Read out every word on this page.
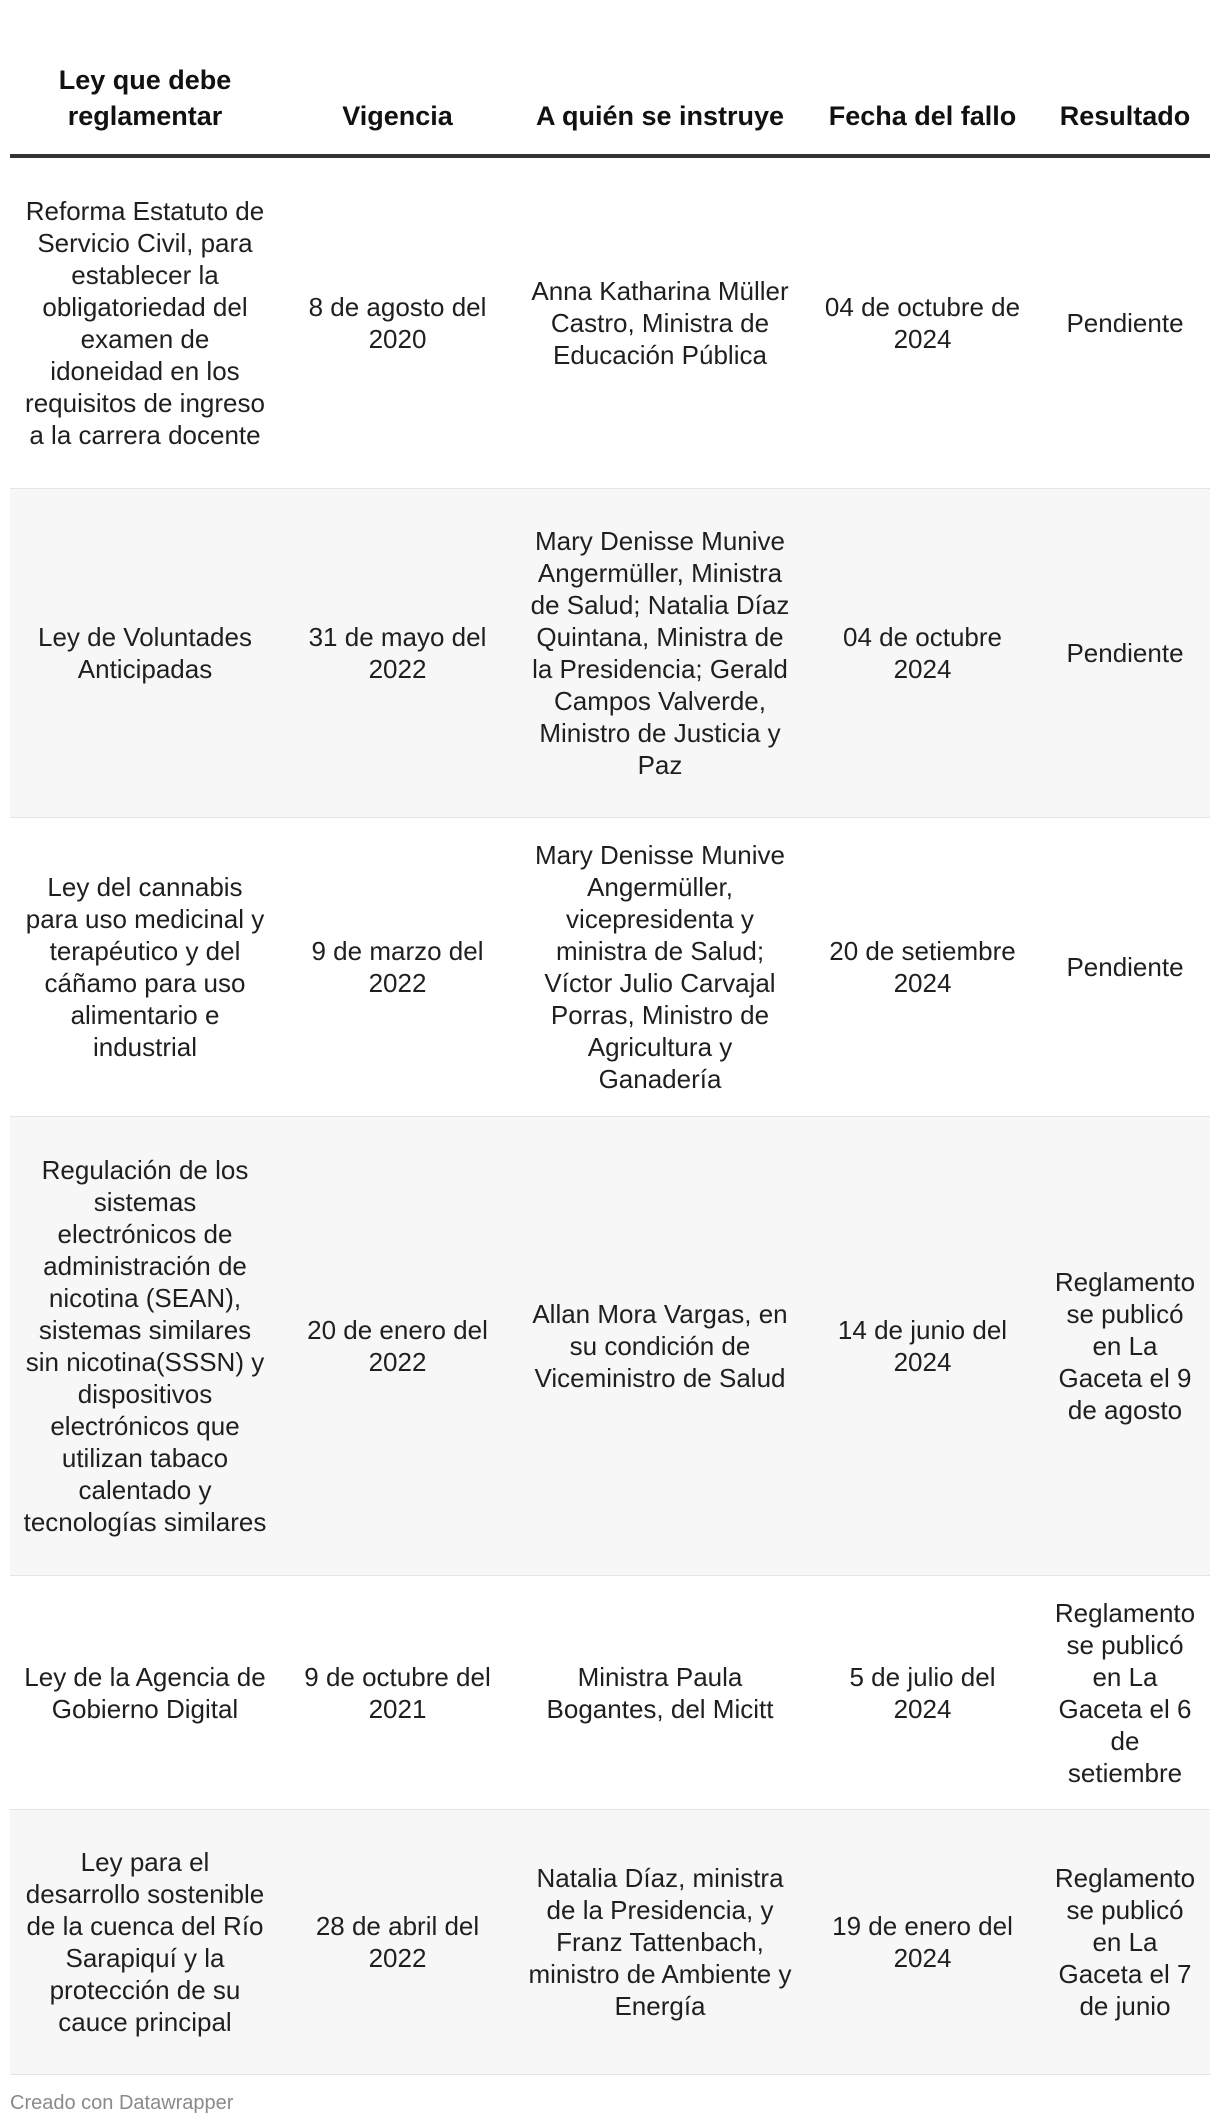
Ley que debe reglamentar	Vigencia	A quién se instruye	Fecha del fallo	Resultado
Reforma Estatuto de Servicio Civil, para establecer la obligatoriedad del examen de idoneidad en los requisitos de ingreso a la carrera docente	8 de agosto del 2020	Anna Katharina Müller Castro, Ministra de Educación Pública	04 de octubre de 2024	Pendiente
Ley de Voluntades Anticipadas	31 de mayo del 2022	Mary Denisse Munive Angermüller, Ministra de Salud; Natalia Díaz Quintana, Ministra de la Presidencia; Gerald Campos Valverde, Ministro de Justicia y Paz	04 de octubre 2024	Pendiente
Ley del cannabis para uso medicinal y terapéutico y del cáñamo para uso alimentario e industrial	9 de marzo del 2022	Mary Denisse Munive Angermüller, vicepresidenta y ministra de Salud; Víctor Julio Carvajal Porras, Ministro de Agricultura y Ganadería	20 de setiembre 2024	Pendiente
Regulación de los sistemas electrónicos de administración de nicotina (SEAN), sistemas similares sin nicotina(SSSN) y dispositivos electrónicos que utilizan tabaco calentado y tecnologías similares	20 de enero del 2022	Allan Mora Vargas, en su condición de Viceministro de Salud	14 de junio del 2024	Reglamento se publicó en La Gaceta el 9 de agosto
Ley de la Agencia de Gobierno Digital	9 de octubre del 2021	Ministra Paula Bogantes, del Micitt	5 de julio del 2024	Reglamento se publicó en La Gaceta el 6 de setiembre
Ley para el desarrollo sostenible de la cuenca del Río Sarapiquí y la protección de su cauce principal	28 de abril del 2022	Natalia Díaz, ministra de la Presidencia, y Franz Tattenbach, ministro de Ambiente y Energía	19 de enero del 2024	Reglamento se publicó en La Gaceta el 7 de junio
Creado con Datawrapper
